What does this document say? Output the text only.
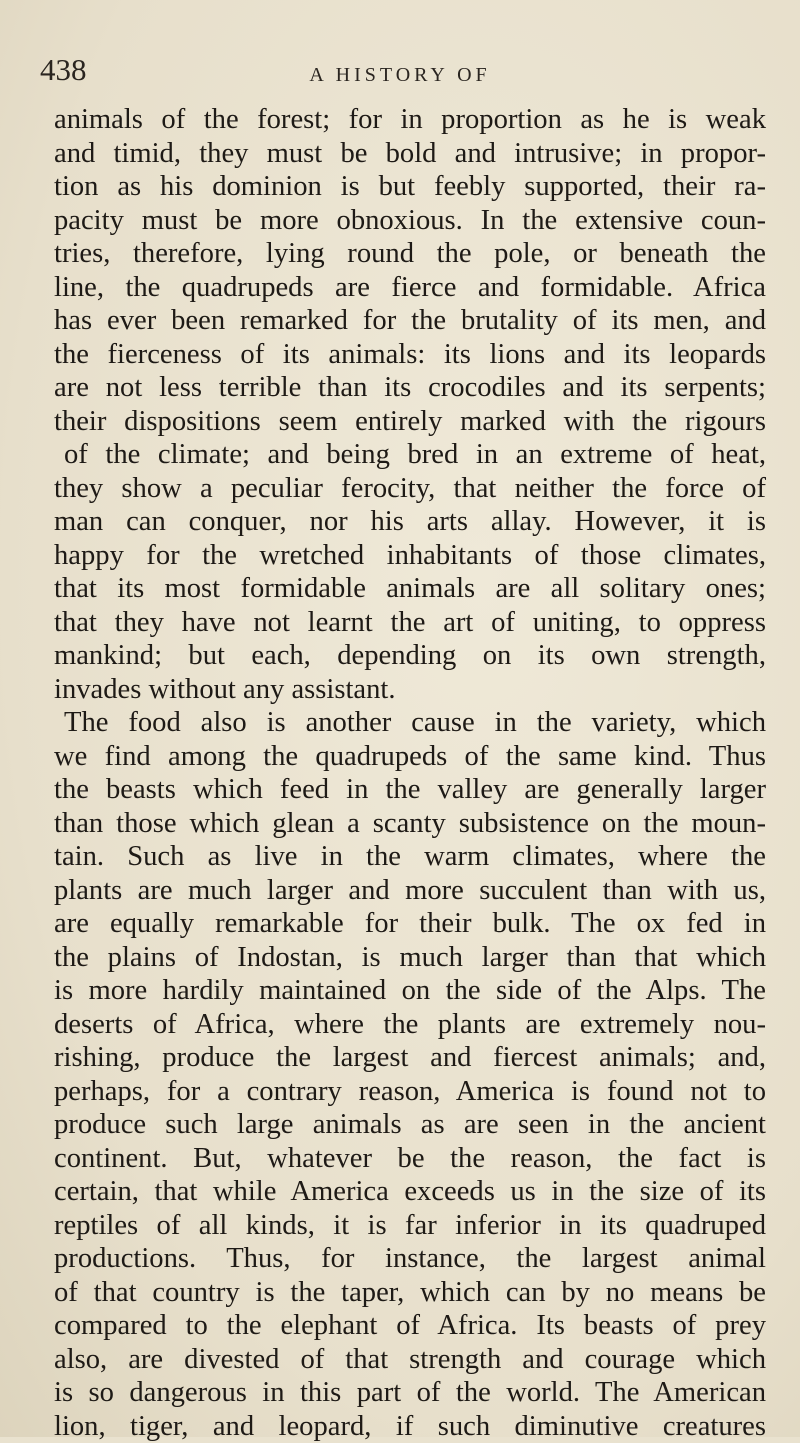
438	A HISTORY OF
animals of the forest; for in proportion as he is weak
and timid, they must be bold and intrusive; in propor-
tion as his dominion is but feebly supported, their ra-
pacity must be more obnoxious. In the extensive coun-
tries, therefore, lying round the pole, or beneath the
line, the quadrupeds are fierce and formidable. Africa
has ever been remarked for the brutality of its men, and
the fierceness of its animals: its lions and its leopards
are not less terrible than its crocodiles and its serpents;
their dispositions seem entirely marked with the rigours
of the climate; and being bred in an extreme of heat,
they show a peculiar ferocity, that neither the force of
man can conquer, nor his arts allay. However, it is
happy for the wretched inhabitants of those climates,
that its most formidable animals are all solitary ones;
that they have not learnt the art of uniting, to oppress
mankind; but each, depending on its own strength,
invades without any assistant.
The food also is another cause in the variety, which
we find among the quadrupeds of the same kind. Thus
the beasts which feed in the valley are generally larger
than those which glean a scanty subsistence on the moun-
tain. Such as live in the warm climates, where the
plants are much larger and more succulent than with us,
are equally remarkable for their bulk. The ox fed in
the plains of Indostan, is much larger than that which
is more hardily maintained on the side of the Alps. The
deserts of Africa, where the plants are extremely nou-
rishing, produce the largest and fiercest animals; and,
perhaps, for a contrary reason, America is found not to
produce such large animals as are seen in the ancient
continent. But, whatever be the reason, the fact is
certain, that while America exceeds us in the size of its
reptiles of all kinds, it is far inferior in its quadruped
productions. Thus, for instance, the largest animal
of that country is the taper, which can by no means be
compared to the elephant of Africa. Its beasts of prey
also, are divested of that strength and courage which
is so dangerous in this part of the world. The American
lion, tiger, and leopard, if such diminutive creatures
